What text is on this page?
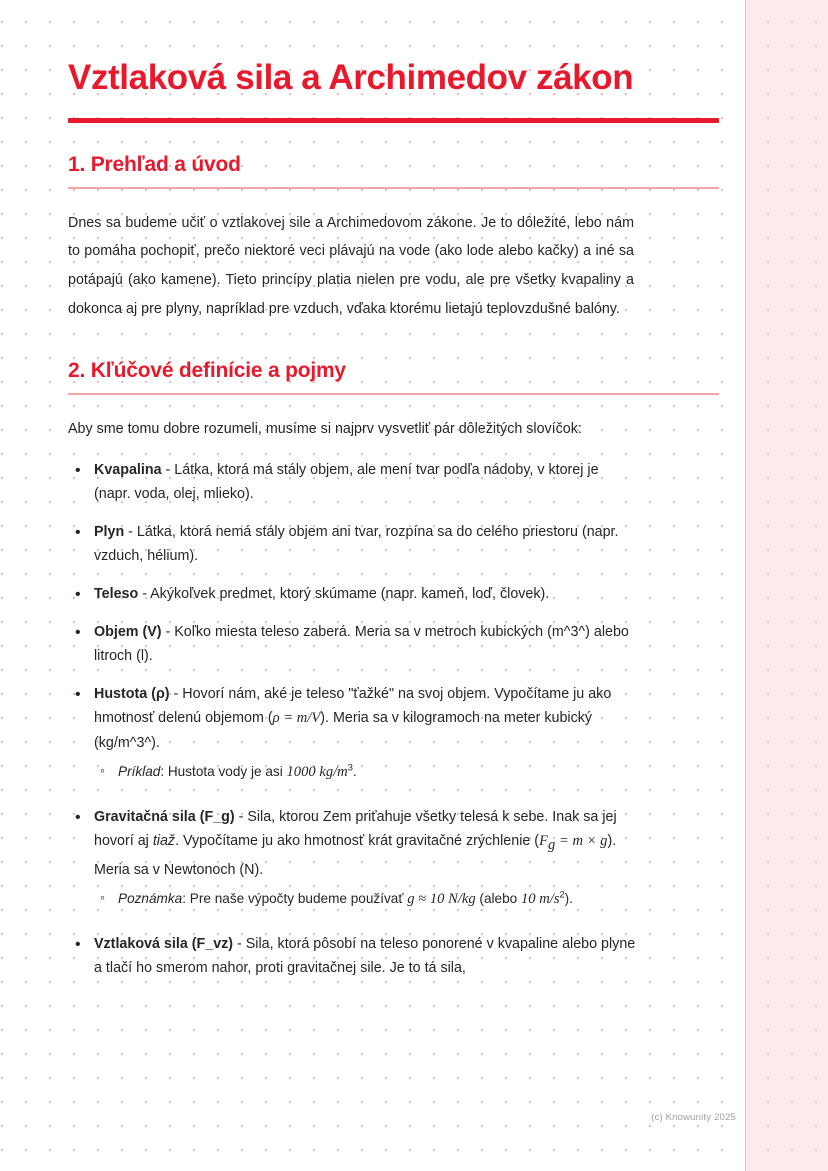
Vztlaková sila a Archimedov zákon
1. Prehľad a úvod

Dnes sa budeme učiť o vztlakovej sile a Archimedovom zákone. Je to dôležité, lebo nám to pomáha pochopiť, prečo niektoré veci plávajú na vode (ako lode alebo kačky) a iné sa potápajú (ako kamene). Tieto princípy platia nielen pre vodu, ale pre všetky kvapaliny a dokonca aj pre plyny, napríklad pre vzduch, vďaka ktorému lietajú teplovzdušné balóny.

2. Kľúčové definície a pojmy

Aby sme tomu dobre rozumeli, musíme si najprv vysvetliť pár dôležitých slovíčok:

• Kvapalina - Látka, ktorá má stály objem, ale mení tvar podľa nádoby, v ktorej je (napr. voda, olej, mlieko).
• Plyn - Látka, ktorá nemá stály objem ani tvar, rozpína sa do celého priestoru (napr. vzduch, hélium).
• Teleso - Akýkoľvek predmet, ktorý skúmame (napr. kameň, loď, človek).
• Objem (V) - Koľko miesta teleso zaberá. Meria sa v metroch kubických (m^3^) alebo litroch (l).
• Hustota (ρ) - Hovorí nám, aké je teleso "ťažké" na svoj objem. Vypočítame ju ako hmotnosť delenú objemom (ρ = m/V). Meria sa v kilogramoch na meter kubický (kg/m^3^).
◦ Príklad: Hustota vody je asi 1000 $kg/m^3$.
• Gravitačná sila (F_g) - Sila, ktorou Zem priťahuje všetky telesá k sebe. Inak sa jej hovorí aj tiaž. Vypočítame ju ako hmotnosť krát gravitačné zrýchlenie $(F_g = m \times g)$. Meria sa v Newtonoch (N).
◦ Poznámka: Pre naše výpočty budeme používať g ≈ 10 N/kg (alebo 10 $m/s^2$).
• Vztlaková sila (F_vz) - Sila, ktorá pôsobí na teleso ponorené v kvapaline alebo plyne a tlačí ho smerom nahor, proti gravitačnej sile. Je to tá sila,
(c) Knowunity 2025
